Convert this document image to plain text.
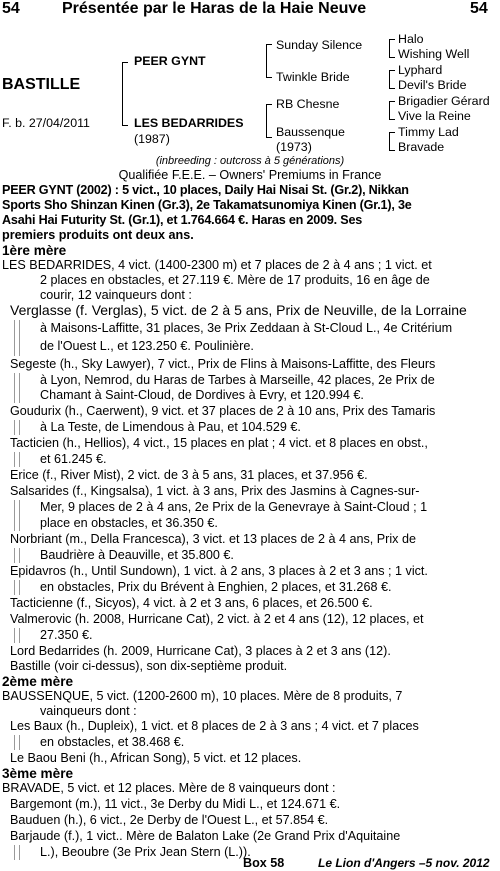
54	Présentée par le Haras de la Haie Neuve	54
BASTILLE
F. b. 27/04/2011
PEER GYNT
LES BEDARRIDES
(1987)
Sunday Silence
Twinkle Bride
RB Chesne
Baussenque
(1973)
Halo
Wishing Well
Lyphard
Devil's Bride
Brigadier Gérard
Vive la Reine
Timmy Lad
Bravade
(inbreeding : outcross à 5 générations)
Qualifiée F.E.E. – Owners' Premiums in France
PEER GYNT (2002) : 5 vict., 10 places, Daily Hai Nisai St. (Gr.2), Nikkan
Sports Sho Shinzan Kinen (Gr.3), 2e Takamatsunomiya Kinen (Gr.1), 3e
Asahi Hai Futurity St. (Gr.1), et 1.764.664 €. Haras en 2009. Ses
premiers produits ont deux ans.
1ère mère
LES BEDARRIDES, 4 vict. (1400-2300 m) et 7 places de 2 à 4 ans ; 1 vict. et
2 places en obstacles, et 27.119 €. Mère de 17 produits, 16 en âge de
courir, 12 vainqueurs dont :
Verglasse (f. Verglas), 5 vict. de 2 à 5 ans, Prix de Neuville, de la Lorraine
à Maisons-Laffitte, 31 places, 3e Prix Zeddaan à St-Cloud L., 4e Critérium
de l'Ouest L., et 123.250 €. Poulinière.
Segeste (h., Sky Lawyer), 7 vict., Prix de Flins à Maisons-Laffitte, des Fleurs
à Lyon, Nemrod, du Haras de Tarbes à Marseille, 42 places, 2e Prix de
Chamant à Saint-Cloud, de Dordives à Evry, et 120.994 €.
Goudurix (h., Caerwent), 9 vict. et 37 places de 2 à 10 ans, Prix des Tamaris
à La Teste, de Limendous à Pau, et 104.529 €.
Tacticien (h., Hellios), 4 vict., 15 places en plat ; 4 vict. et 8 places en obst.,
et 61.245 €.
Erice (f., River Mist), 2 vict. de 3 à 5 ans, 31 places, et 37.956 €.
Salsarides (f., Kingsalsa), 1 vict. à 3 ans, Prix des Jasmins à Cagnes-sur-
Mer, 9 places de 2 à 4 ans, 2e Prix de la Genevraye à Saint-Cloud ; 1
place en obstacles, et 36.350 €.
Norbriant (m., Della Francesca), 3 vict. et 13 places de 2 à 4 ans, Prix de
Baudrière à Deauville, et 35.800 €.
Epidavros (h., Until Sundown), 1 vict. à 2 ans, 3 places à 2 et 3 ans ; 1 vict.
en obstacles, Prix du Brévent à Enghien, 2 places, et 31.268 €.
Tacticienne (f., Sicyos), 4 vict. à 2 et 3 ans, 6 places, et 26.500 €.
Valmerovic (h. 2008, Hurricane Cat), 2 vict. à 2 et 4 ans (12), 12 places, et
27.350 €.
Lord Bedarrides (h. 2009, Hurricane Cat), 3 places à 2 et 3 ans (12).
Bastille (voir ci-dessus), son dix-septième produit.
2ème mère
BAUSSENQUE, 5 vict. (1200-2600 m), 10 places. Mère de 8 produits, 7
vainqueurs dont :
Les Baux (h., Dupleix), 1 vict. et 8 places de 2 à 3 ans ; 4 vict. et 7 places
en obstacles, et 38.468 €.
Le Baou Beni (h., African Song), 5 vict. et 12 places.
3ème mère
BRAVADE, 5 vict. et 12 places. Mère de 8 vainqueurs dont :
Bargemont (m.), 11 vict., 3e Derby du Midi L., et 124.671 €.
Bauduen (h.), 6 vict., 2e Derby de l'Ouest L., et 57.854 €.
Barjaude (f.), 1 vict.. Mère de Balaton Lake (2e Grand Prix d'Aquitaine
L.), Beoubre (3e Prix Jean Stern (L.)).
Box 58	Le Lion d'Angers –5 nov. 2012
